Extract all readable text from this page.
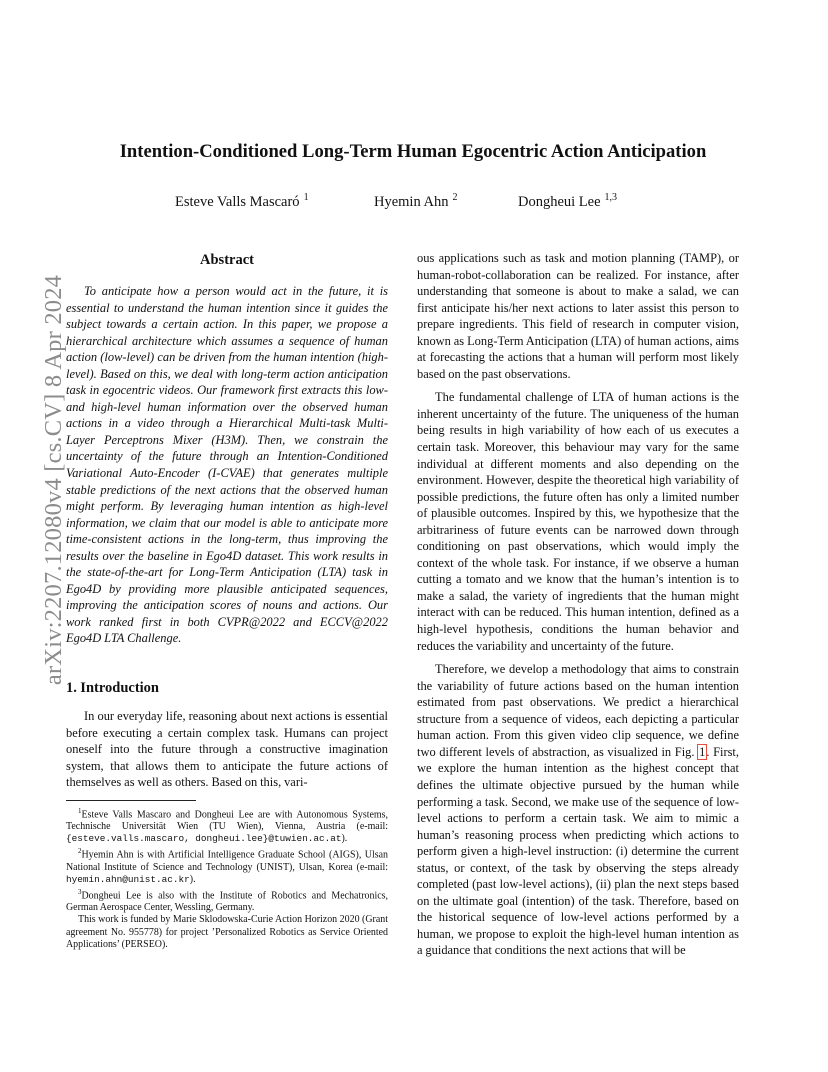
arXiv:2207.12080v4 [cs.CV] 8 Apr 2024
Intention-Conditioned Long-Term Human Egocentric Action Anticipation
Esteve Valls Mascaró $^1$	Hyemin Ahn $^2$	Dongheui Lee $^{1,3}$
Abstract

To anticipate how a person would act in the future, it is essential to understand the human intention since it guides the subject towards a certain action. In this paper, we propose a hierarchical architecture which assumes a sequence of human action (low-level) can be driven from the human intention (high-level). Based on this, we deal with long-term action anticipation task in egocentric videos. Our framework first extracts this low- and high-level human information over the observed human actions in a video through a Hierarchical Multi-task Multi-Layer Perceptrons Mixer (H3M). Then, we constrain the uncertainty of the future through an Intention-Conditioned Variational Auto-Encoder (I-CVAE) that generates multiple stable predictions of the next actions that the observed human might perform. By leveraging human intention as high-level information, we claim that our model is able to anticipate more time-consistent actions in the long-term, thus improving the results over the baseline in Ego4D dataset. This work results in the state-of-the-art for Long-Term Anticipation (LTA) task in Ego4D by providing more plausible anticipated sequences, improving the anticipation scores of nouns and actions. Our work ranked first in both CVPR@2022 and ECCV@2022 Ego4D LTA Challenge.

1. Introduction

In our everyday life, reasoning about next actions is essential before executing a certain complex task. Humans can project oneself into the future through a constructive imagination system, that allows them to anticipate the future actions of themselves as well as others. Based on this, vari-

$^1$Esteve Valls Mascaro and Dongheui Lee are with Autonomous Systems, Technische Universität Wien (TU Wien), Vienna, Austria (e-mail: {esteve.valls.mascaro, dongheui.lee}@tuwien.ac.at).

$^2$Hyemin Ahn is with Artificial Intelligence Graduate School (AIGS), Ulsan National Institute of Science and Technology (UNIST), Ulsan, Korea (e-mail: hyemin.ahn@unist.ac.kr).

$^3$Dongheui Lee is also with the Institute of Robotics and Mechatronics, German Aerospace Center, Wessling, Germany.

This work is funded by Marie Sklodowska-Curie Action Horizon 2020 (Grant agreement No. 955778) for project ’Personalized Robotics as Service Oriented Applications’ (PERSEO).

ous applications such as task and motion planning (TAMP), or human-robot-collaboration can be realized. For instance, after understanding that someone is about to make a salad, we can first anticipate his/her next actions to later assist this person to prepare ingredients. This field of research in computer vision, known as Long-Term Anticipation (LTA) of human actions, aims at forecasting the actions that a human will perform most likely based on the past observations.

The fundamental challenge of LTA of human actions is the inherent uncertainty of the future. The uniqueness of the human being results in high variability of how each of us executes a certain task. Moreover, this behaviour may vary for the same individual at different moments and also depending on the environment. However, despite the theoretical high variability of possible predictions, the future often has only a limited number of plausible outcomes. Inspired by this, we hypothesize that the arbitrariness of future events can be narrowed down through conditioning on past observations, which would imply the context of the whole task. For instance, if we observe a human cutting a tomato and we know that the human’s intention is to make a salad, the variety of ingredients that the human might interact with can be reduced. This human intention, defined as a high-level hypothesis, conditions the human behavior and reduces the variability and uncertainty of the future.

Therefore, we develop a methodology that aims to constrain the variability of future actions based on the human intention estimated from past observations. We predict a hierarchical structure from a sequence of videos, each depicting a particular human action. From this given video clip sequence, we define two different levels of abstraction, as visualized in Fig. 1. First, we explore the human intention as the highest concept that defines the ultimate objective pursued by the human while performing a task. Second, we make use of the sequence of low-level actions to perform a certain task. We aim to mimic a human’s reasoning process when predicting which actions to perform given a high-level instruction: (i) determine the current status, or context, of the task by observing the steps already completed (past low-level actions), (ii) plan the next steps based on the ultimate goal (intention) of the task. Therefore, based on the historical sequence of low-level actions performed by a human, we propose to exploit the high-level human intention as a guidance that conditions the next actions that will be
